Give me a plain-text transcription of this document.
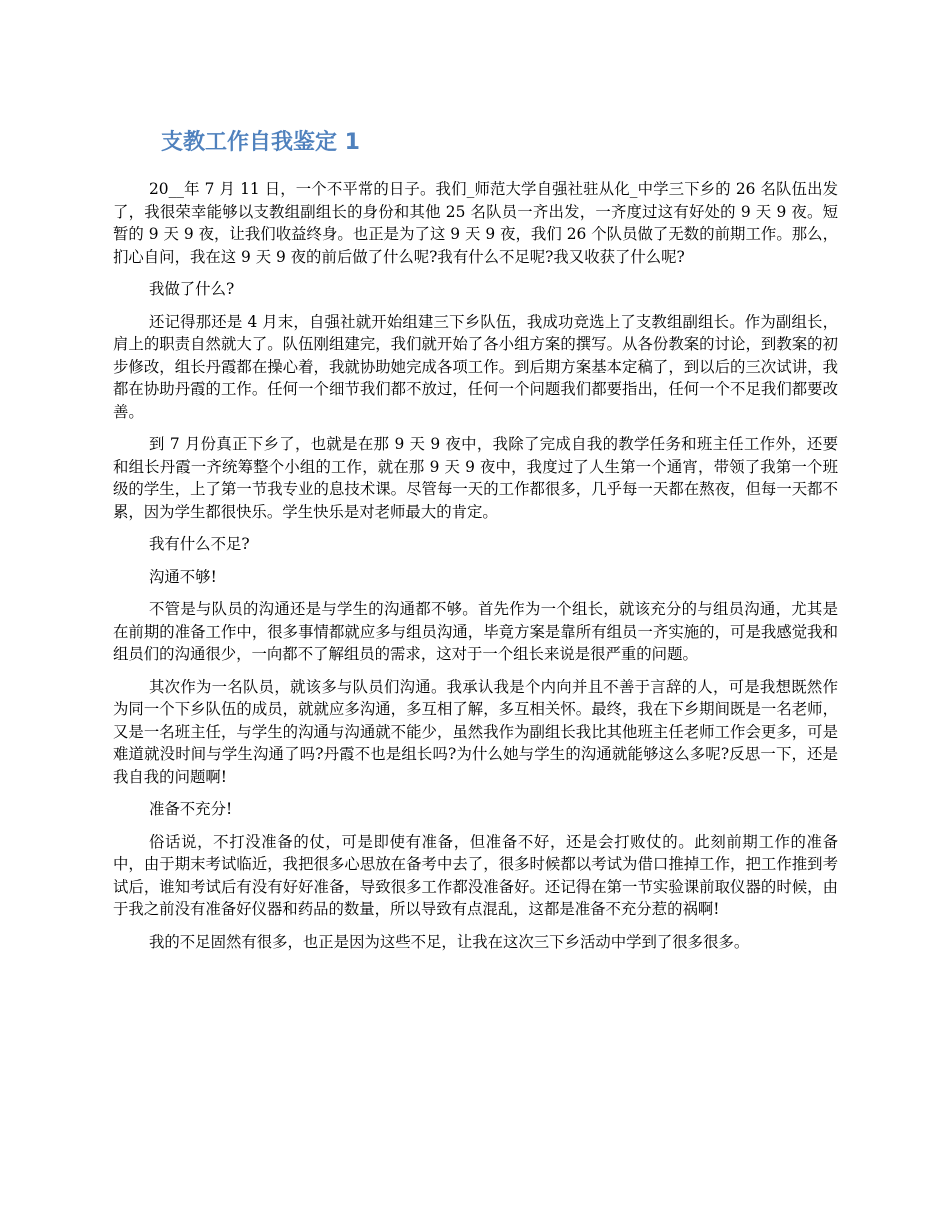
支教工作自我鉴定 1

20__年 7 月 11 日，一个不平常的日子。我们_师范大学自强社驻从化_中学三下乡的 26 名队伍出发了，我很荣幸能够以支教组副组长的身份和其他 25 名队员一齐出发，一齐度过这有好处的 9 天 9 夜。短暂的 9 天 9 夜，让我们收益终身。也正是为了这 9 天 9 夜，我们 26 个队员做了无数的前期工作。那么，扪心自问，我在这 9 天 9 夜的前后做了什么呢?我有什么不足呢?我又收获了什么呢?

我做了什么?

还记得那还是 4 月末，自强社就开始组建三下乡队伍，我成功竞选上了支教组副组长。作为副组长，肩上的职责自然就大了。队伍刚组建完，我们就开始了各小组方案的撰写。从各份教案的讨论，到教案的初步修改，组长丹霞都在操心着，我就协助她完成各项工作。到后期方案基本定稿了，到以后的三次试讲，我都在协助丹霞的工作。任何一个细节我们都不放过，任何一个问题我们都要指出，任何一个不足我们都要改善。

到 7 月份真正下乡了，也就是在那 9 天 9 夜中，我除了完成自我的教学任务和班主任工作外，还要和组长丹霞一齐统筹整个小组的工作，就在那 9 天 9 夜中，我度过了人生第一个通宵，带领了我第一个班级的学生，上了第一节我专业的息技术课。尽管每一天的工作都很多，几乎每一天都在熬夜，但每一天都不累，因为学生都很快乐。学生快乐是对老师最大的肯定。

我有什么不足?

沟通不够!

不管是与队员的沟通还是与学生的沟通都不够。首先作为一个组长，就该充分的与组员沟通，尤其是在前期的准备工作中，很多事情都就应多与组员沟通，毕竟方案是靠所有组员一齐实施的，可是我感觉我和组员们的沟通很少，一向都不了解组员的需求，这对于一个组长来说是很严重的问题。

其次作为一名队员，就该多与队员们沟通。我承认我是个内向并且不善于言辞的人，可是我想既然作为同一个下乡队伍的成员，就就应多沟通，多互相了解，多互相关怀。最终，我在下乡期间既是一名老师，又是一名班主任，与学生的沟通与沟通就不能少，虽然我作为副组长我比其他班主任老师工作会更多，可是难道就没时间与学生沟通了吗?丹霞不也是组长吗?为什么她与学生的沟通就能够这么多呢?反思一下，还是我自我的问题啊!

准备不充分!

俗话说，不打没准备的仗，可是即使有准备，但准备不好，还是会打败仗的。此刻前期工作的准备中，由于期末考试临近，我把很多心思放在备考中去了，很多时候都以考试为借口推掉工作，把工作推到考试后，谁知考试后有没有好好准备，导致很多工作都没准备好。还记得在第一节实验课前取仪器的时候，由于我之前没有准备好仪器和药品的数量，所以导致有点混乱，这都是准备不充分惹的祸啊!

我的不足固然有很多，也正是因为这些不足，让我在这次三下乡活动中学到了很多很多。
